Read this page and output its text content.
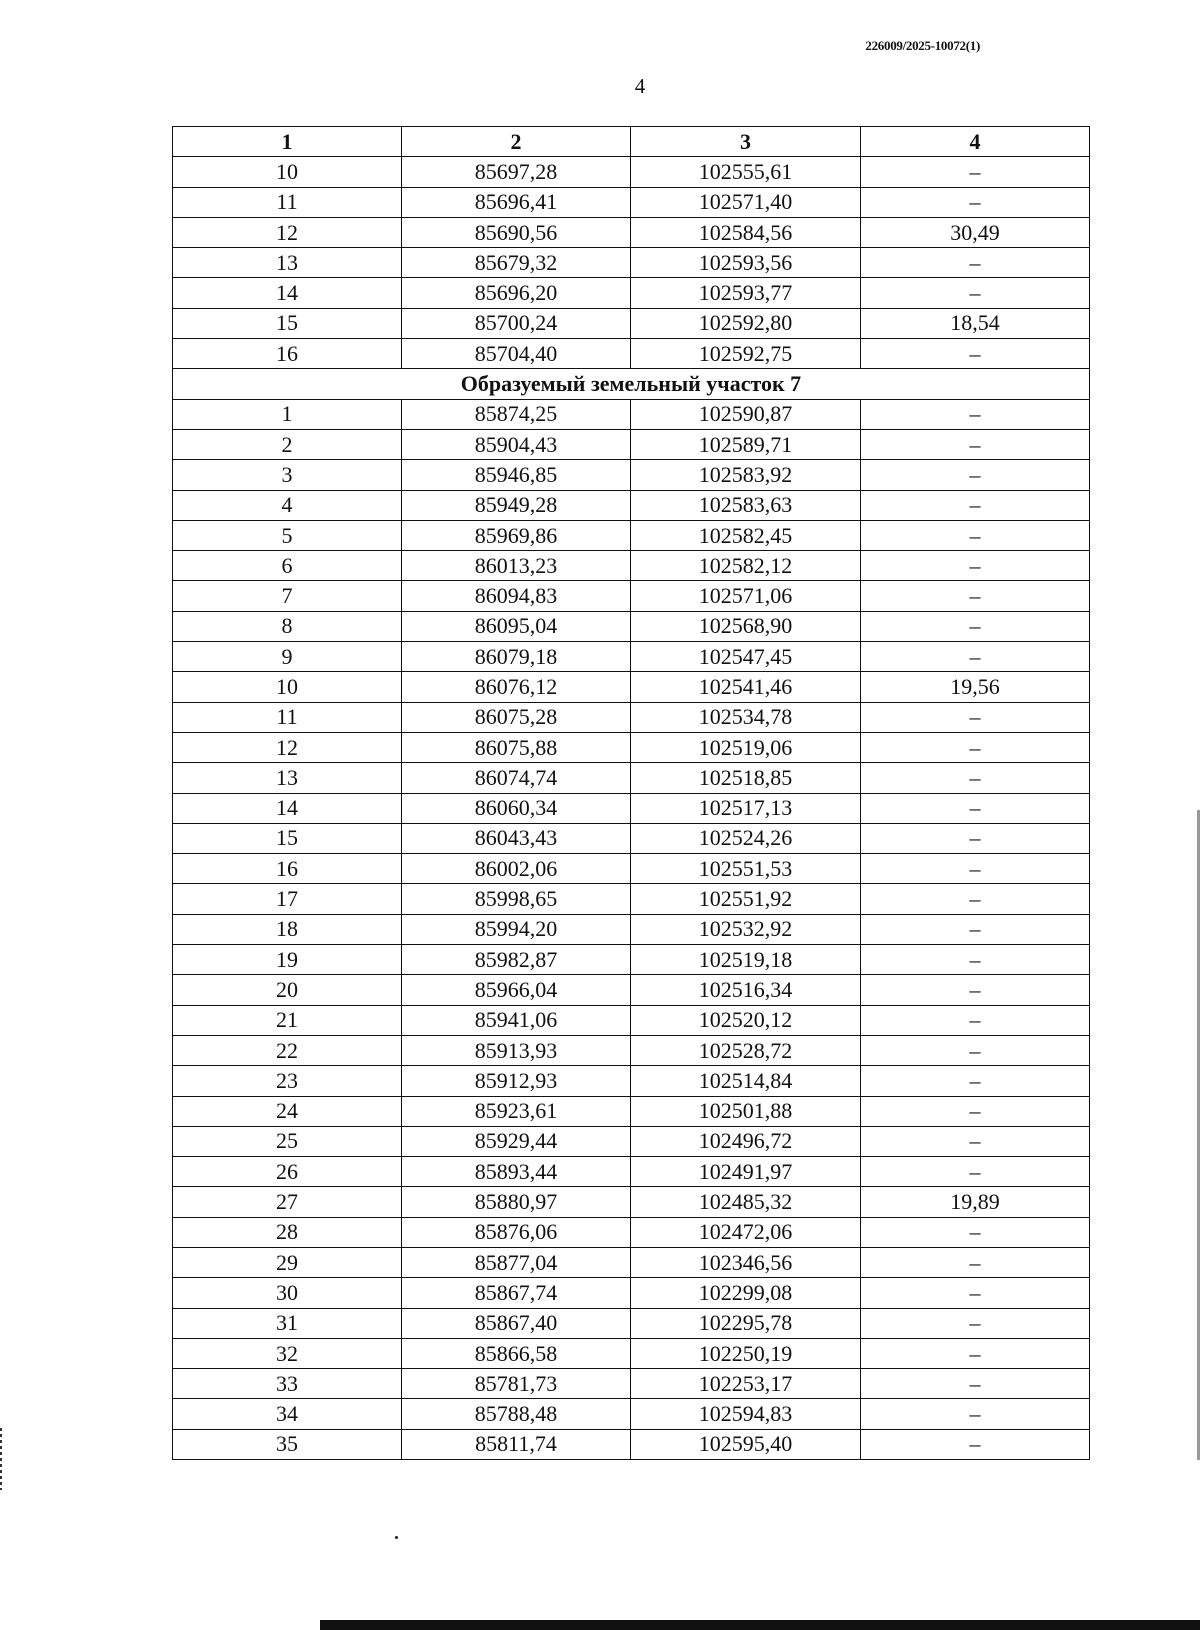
226009/2025-10072(1)
4
1	2	3	4
10	85697,28	102555,61	–
11	85696,41	102571,40	–
12	85690,56	102584,56	30,49
13	85679,32	102593,56	–
14	85696,20	102593,77	–
15	85700,24	102592,80	18,54
16	85704,40	102592,75	–
Образуемый земельный участок 7			
1	85874,25	102590,87	–
2	85904,43	102589,71	–
3	85946,85	102583,92	–
4	85949,28	102583,63	–
5	85969,86	102582,45	–
6	86013,23	102582,12	–
7	86094,83	102571,06	–
8	86095,04	102568,90	–
9	86079,18	102547,45	–
10	86076,12	102541,46	19,56
11	86075,28	102534,78	–
12	86075,88	102519,06	–
13	86074,74	102518,85	–
14	86060,34	102517,13	–
15	86043,43	102524,26	–
16	86002,06	102551,53	–
17	85998,65	102551,92	–
18	85994,20	102532,92	–
19	85982,87	102519,18	–
20	85966,04	102516,34	–
21	85941,06	102520,12	–
22	85913,93	102528,72	–
23	85912,93	102514,84	–
24	85923,61	102501,88	–
25	85929,44	102496,72	–
26	85893,44	102491,97	–
27	85880,97	102485,32	19,89
28	85876,06	102472,06	–
29	85877,04	102346,56	–
30	85867,74	102299,08	–
31	85867,40	102295,78	–
32	85866,58	102250,19	–
33	85781,73	102253,17	–
34	85788,48	102594,83	–
35	85811,74	102595,40	–
